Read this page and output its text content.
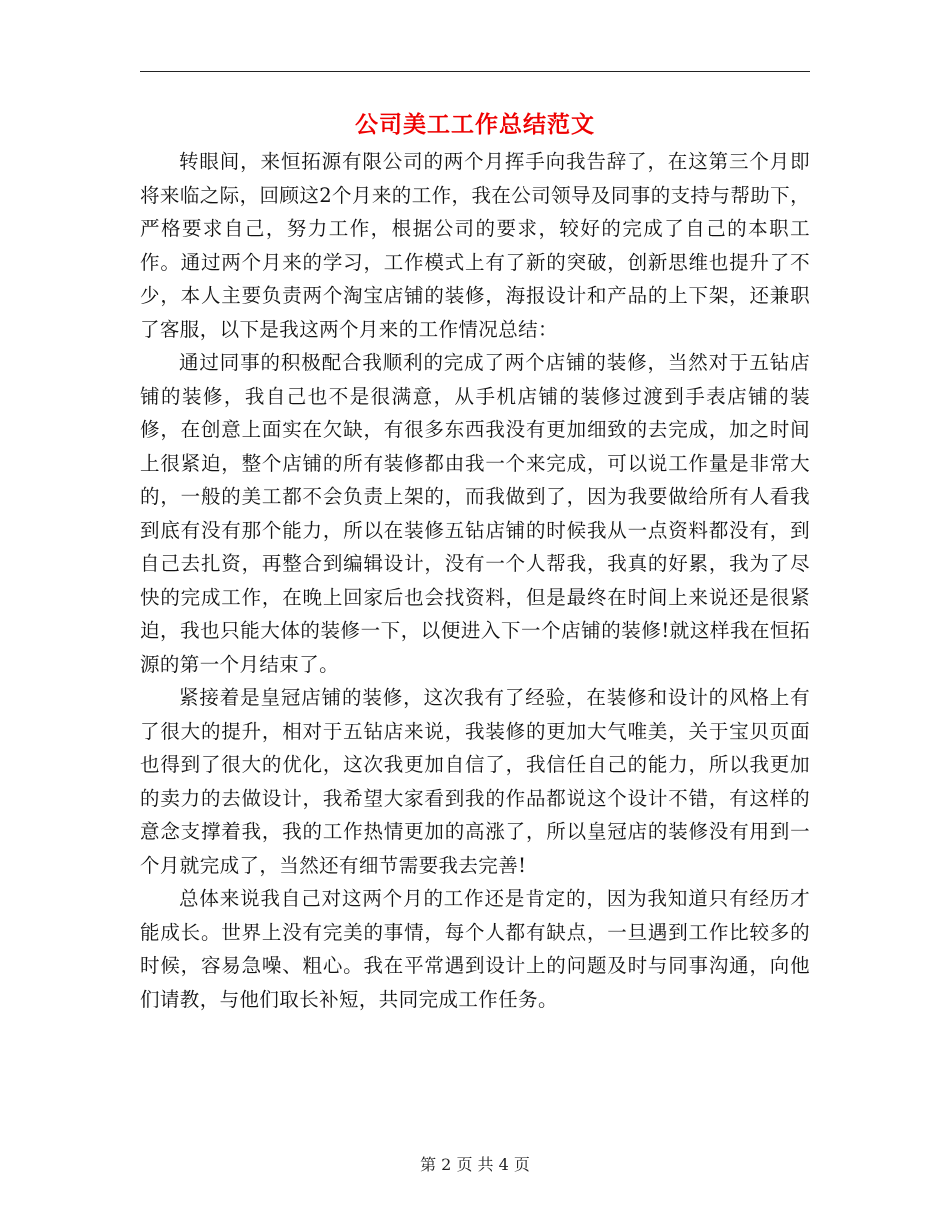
公司美工工作总结范文

转眼间，来恒拓源有限公司的两个月挥手向我告辞了，在这第三个月即将来临之际，回顾这2个月来的工作，我在公司领导及同事的支持与帮助下，严格要求自己，努力工作，根据公司的要求，较好的完成了自己的本职工作。通过两个月来的学习，工作模式上有了新的突破，创新思维也提升了不少，本人主要负责两个淘宝店铺的装修，海报设计和产品的上下架，还兼职了客服，以下是我这两个月来的工作情况总结：

通过同事的积极配合我顺利的完成了两个店铺的装修，当然对于五钻店铺的装修，我自己也不是很满意，从手机店铺的装修过渡到手表店铺的装修，在创意上面实在欠缺，有很多东西我没有更加细致的去完成，加之时间上很紧迫，整个店铺的所有装修都由我一个来完成，可以说工作量是非常大的，一般的美工都不会负责上架的，而我做到了，因为我要做给所有人看我到底有没有那个能力，所以在装修五钻店铺的时候我从一点资料都没有，到自己去扎资，再整合到编辑设计，没有一个人帮我，我真的好累，我为了尽快的完成工作，在晚上回家后也会找资料，但是最终在时间上来说还是很紧迫，我也只能大体的装修一下，以便进入下一个店铺的装修!就这样我在恒拓源的第一个月结束了。

紧接着是皇冠店铺的装修，这次我有了经验，在装修和设计的风格上有了很大的提升，相对于五钻店来说，我装修的更加大气唯美，关于宝贝页面也得到了很大的优化，这次我更加自信了，我信任自己的能力，所以我更加的卖力的去做设计，我希望大家看到我的作品都说这个设计不错，有这样的意念支撑着我，我的工作热情更加的高涨了，所以皇冠店的装修没有用到一个月就完成了，当然还有细节需要我去完善!

总体来说我自己对这两个月的工作还是肯定的，因为我知道只有经历才能成长。世界上没有完美的事情，每个人都有缺点，一旦遇到工作比较多的时候，容易急噪、粗心。我在平常遇到设计上的问题及时与同事沟通，向他们请教，与他们取长补短，共同完成工作任务。

第 2 页 共 4 页
